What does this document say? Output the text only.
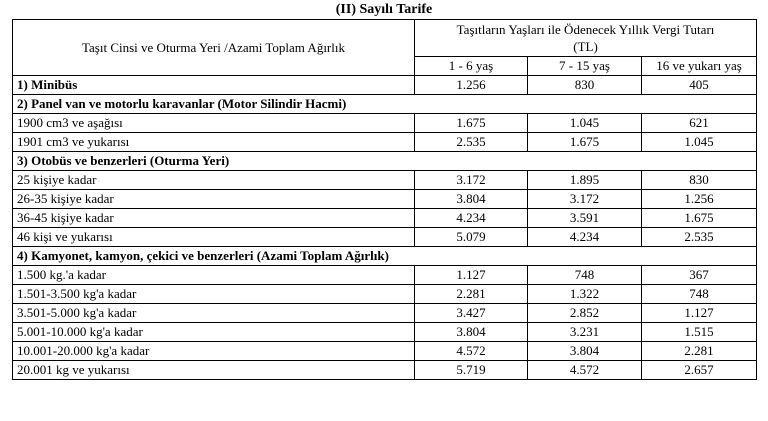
(II) Sayılı Tarife
Taşıt Cinsi ve Oturma Yeri /Azami Toplam Ağırlık	Taşıtların Yaşları ile Ödenecek Yıllık Vergi Tutarı
(TL)		

	1 - 6 yaş	7 - 15 yaş	16 ve yukarı yaş
1) Minibüs	1.256	830	405
2) Panel van ve motorlu karavanlar (Motor Silindir Hacmi)			
1900 cm3 ve aşağısı	1.675	1.045	621
1901 cm3 ve yukarısı	2.535	1.675	1.045
3) Otobüs ve benzerleri (Oturma Yeri)			
25 kişiye kadar	3.172	1.895	830
26-35 kişiye kadar	3.804	3.172	1.256
36-45 kişiye kadar	4.234	3.591	1.675
46 kişi ve yukarısı	5.079	4.234	2.535
4) Kamyonet, kamyon, çekici ve benzerleri (Azami Toplam Ağırlık)			
1.500 kg.'a kadar	1.127	748	367
1.501-3.500 kg'a kadar	2.281	1.322	748
3.501-5.000 kg'a kadar	3.427	2.852	1.127
5.001-10.000 kg'a kadar	3.804	3.231	1.515
10.001-20.000 kg'a kadar	4.572	3.804	2.281
20.001 kg ve yukarısı	5.719	4.572	2.657
